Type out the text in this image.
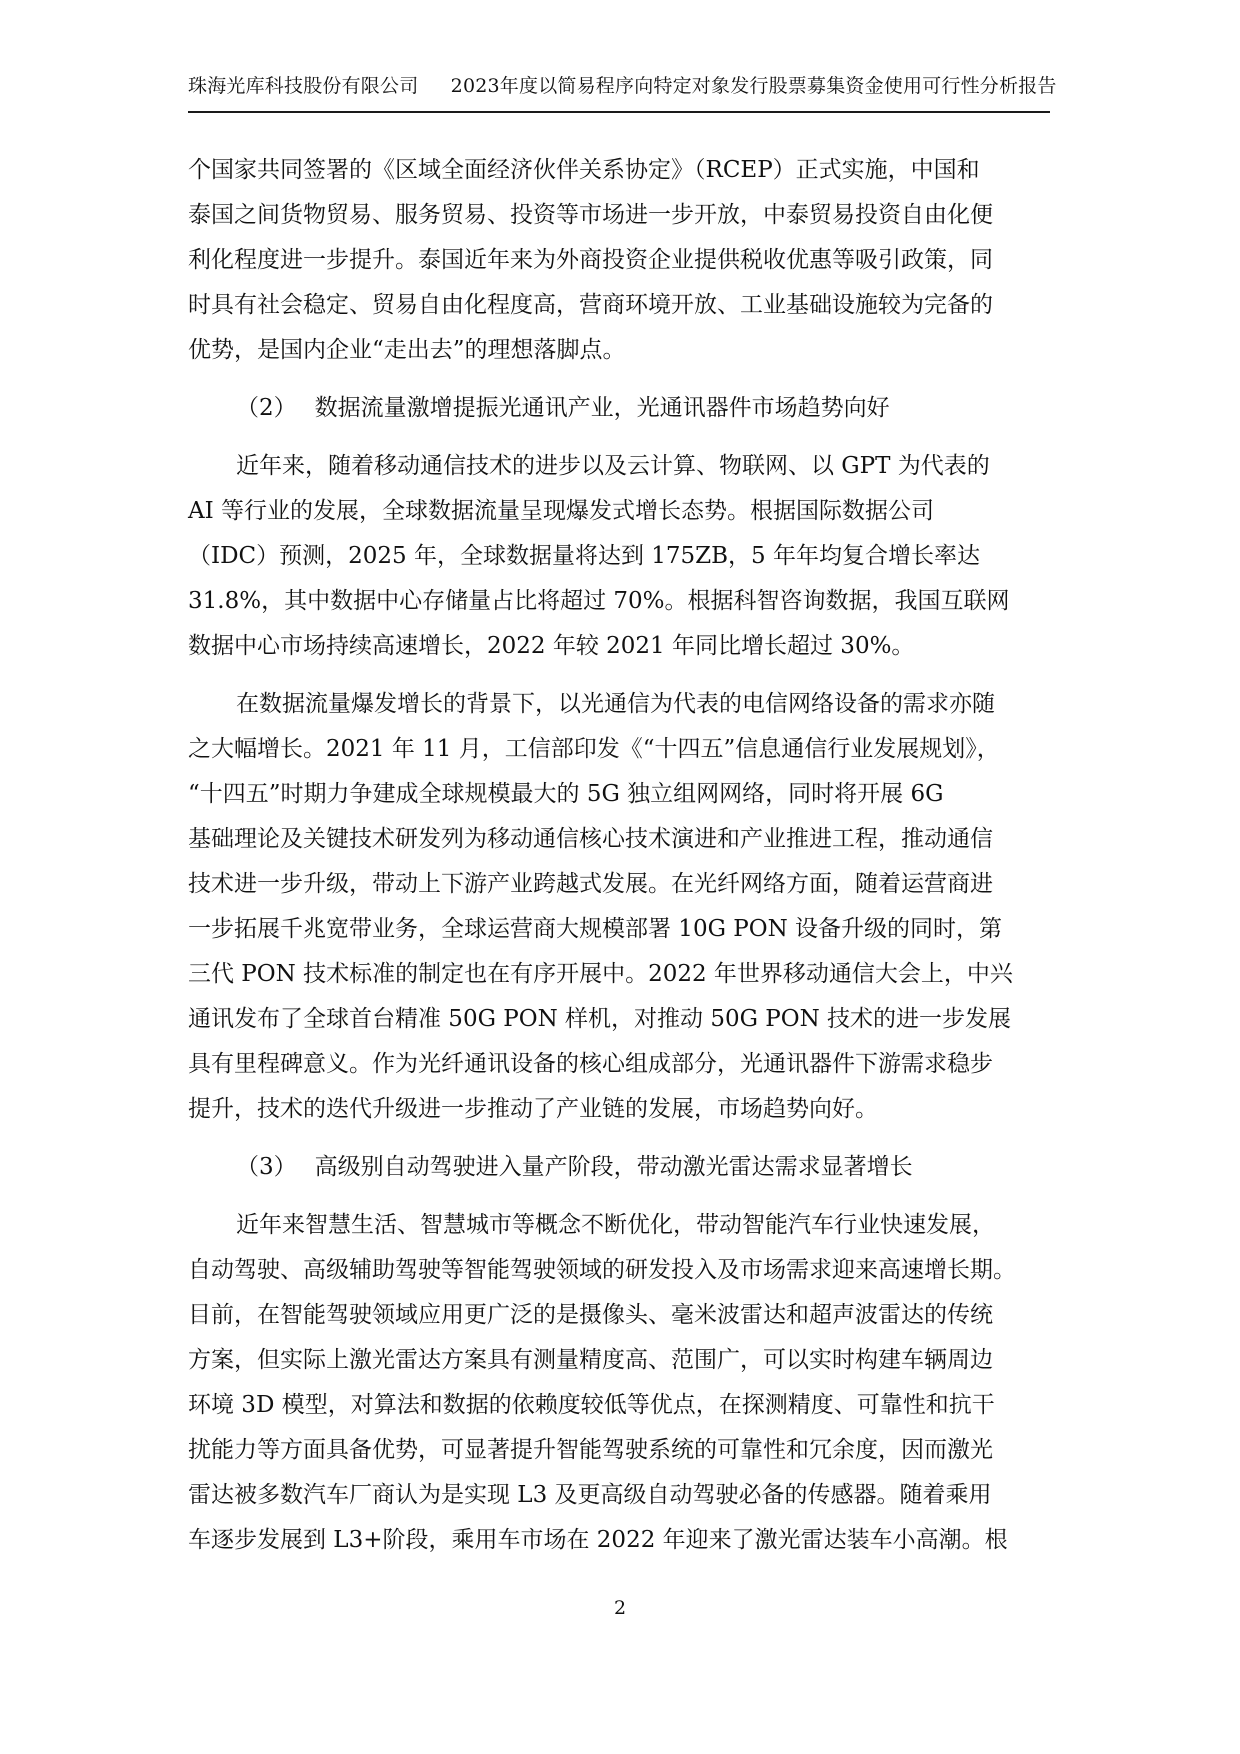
珠海光库科技股份有限公司 2023年度以简易程序向特定对象发行股票募集资金使用可行性分析报告
个国家共同签署的《区域全面经济伙伴关系协定》（RCEP）正式实施，中国和
泰国之间货物贸易、服务贸易、投资等市场进一步开放，中泰贸易投资自由化便
利化程度进一步提升。泰国近年来为外商投资企业提供税收优惠等吸引政策，同
时具有社会稳定、贸易自由化程度高，营商环境开放、工业基础设施较为完备的
优势，是国内企业“走出去”的理想落脚点。
（2） 数据流量激增提振光通讯产业，光通讯器件市场趋势向好
近年来，随着移动通信技术的进步以及云计算、物联网、以 GPT 为代表的
AI 等行业的发展，全球数据流量呈现爆发式增长态势。根据国际数据公司
（IDC）预测，2025 年，全球数据量将达到 175ZB，5 年年均复合增长率达
31.8%，其中数据中心存储量占比将超过 70%。根据科智咨询数据，我国互联网
数据中心市场持续高速增长，2022 年较 2021 年同比增长超过 30%。
在数据流量爆发增长的背景下，以光通信为代表的电信网络设备的需求亦随
之大幅增长。2021 年 11 月，工信部印发《“十四五”信息通信行业发展规划》，
“十四五”时期力争建成全球规模最大的 5G 独立组网网络，同时将开展 6G
基础理论及关键技术研发列为移动通信核心技术演进和产业推进工程，推动通信
技术进一步升级，带动上下游产业跨越式发展。在光纤网络方面，随着运营商进
一步拓展千兆宽带业务，全球运营商大规模部署 10G PON 设备升级的同时，第
三代 PON 技术标准的制定也在有序开展中。2022 年世界移动通信大会上，中兴
通讯发布了全球首台精准 50G PON 样机，对推动 50G PON 技术的进一步发展
具有里程碑意义。作为光纤通讯设备的核心组成部分，光通讯器件下游需求稳步
提升，技术的迭代升级进一步推动了产业链的发展，市场趋势向好。
（3） 高级别自动驾驶进入量产阶段，带动激光雷达需求显著增长
近年来智慧生活、智慧城市等概念不断优化，带动智能汽车行业快速发展，
自动驾驶、高级辅助驾驶等智能驾驶领域的研发投入及市场需求迎来高速增长期。
目前，在智能驾驶领域应用更广泛的是摄像头、毫米波雷达和超声波雷达的传统
方案，但实际上激光雷达方案具有测量精度高、范围广，可以实时构建车辆周边
环境 3D 模型，对算法和数据的依赖度较低等优点，在探测精度、可靠性和抗干
扰能力等方面具备优势，可显著提升智能驾驶系统的可靠性和冗余度，因而激光
雷达被多数汽车厂商认为是实现 L3 及更高级自动驾驶必备的传感器。随着乘用
车逐步发展到 L3+阶段，乘用车市场在 2022 年迎来了激光雷达装车小高潮。根
2
